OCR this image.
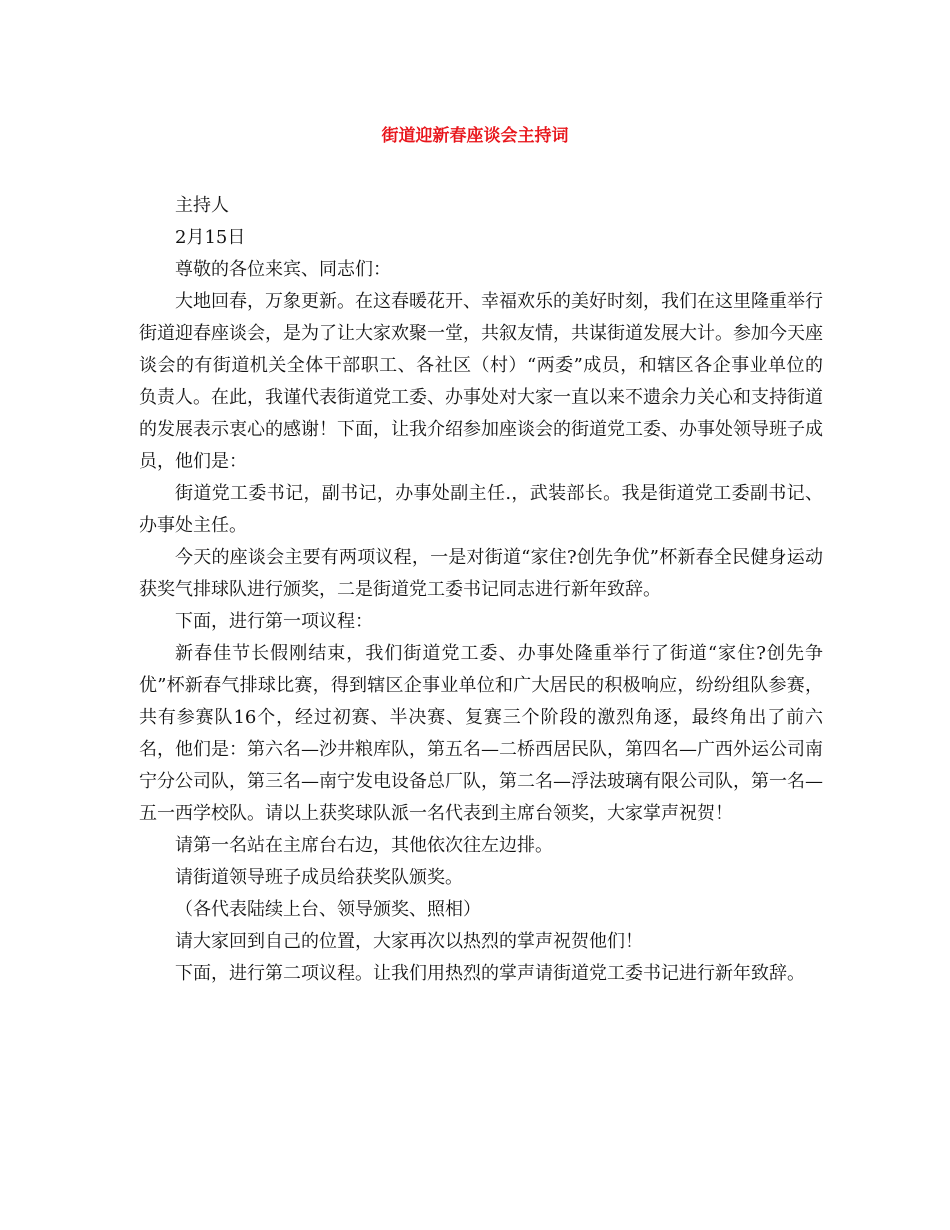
街道迎新春座谈会主持词

主持人

2月15日

尊敬的各位来宾、同志们：

大地回春，万象更新。在这春暖花开、幸福欢乐的美好时刻，我们在这里隆重举行街道迎春座谈会，是为了让大家欢聚一堂，共叙友情，共谋街道发展大计。参加今天座谈会的有街道机关全体干部职工、各社区（村）“两委”成员，和辖区各企事业单位的负责人。在此，我谨代表街道党工委、办事处对大家一直以来不遗余力关心和支持街道的发展表示衷心的感谢！下面，让我介绍参加座谈会的街道党工委、办事处领导班子成员，他们是：

街道党工委书记，副书记，办事处副主任.，武装部长。我是街道党工委副书记、办事处主任。

今天的座谈会主要有两项议程，一是对街道“家住?创先争优”杯新春全民健身运动获奖气排球队进行颁奖，二是街道党工委书记同志进行新年致辞。

下面，进行第一项议程：

新春佳节长假刚结束，我们街道党工委、办事处隆重举行了街道“家住?创先争优”杯新春气排球比赛，得到辖区企事业单位和广大居民的积极响应，纷纷组队参赛，共有参赛队16个，经过初赛、半决赛、复赛三个阶段的激烈角逐，最终角出了前六名，他们是：第六名—沙井粮库队，第五名—二桥西居民队，第四名—广西外运公司南宁分公司队，第三名—南宁发电设备总厂队，第二名—浮法玻璃有限公司队，第一名—五一西学校队。请以上获奖球队派一名代表到主席台领奖，大家掌声祝贺！

请第一名站在主席台右边，其他依次往左边排。

请街道领导班子成员给获奖队颁奖。

（各代表陆续上台、领导颁奖、照相）

请大家回到自己的位置，大家再次以热烈的掌声祝贺他们！

下面，进行第二项议程。让我们用热烈的掌声请街道党工委书记进行新年致辞。
